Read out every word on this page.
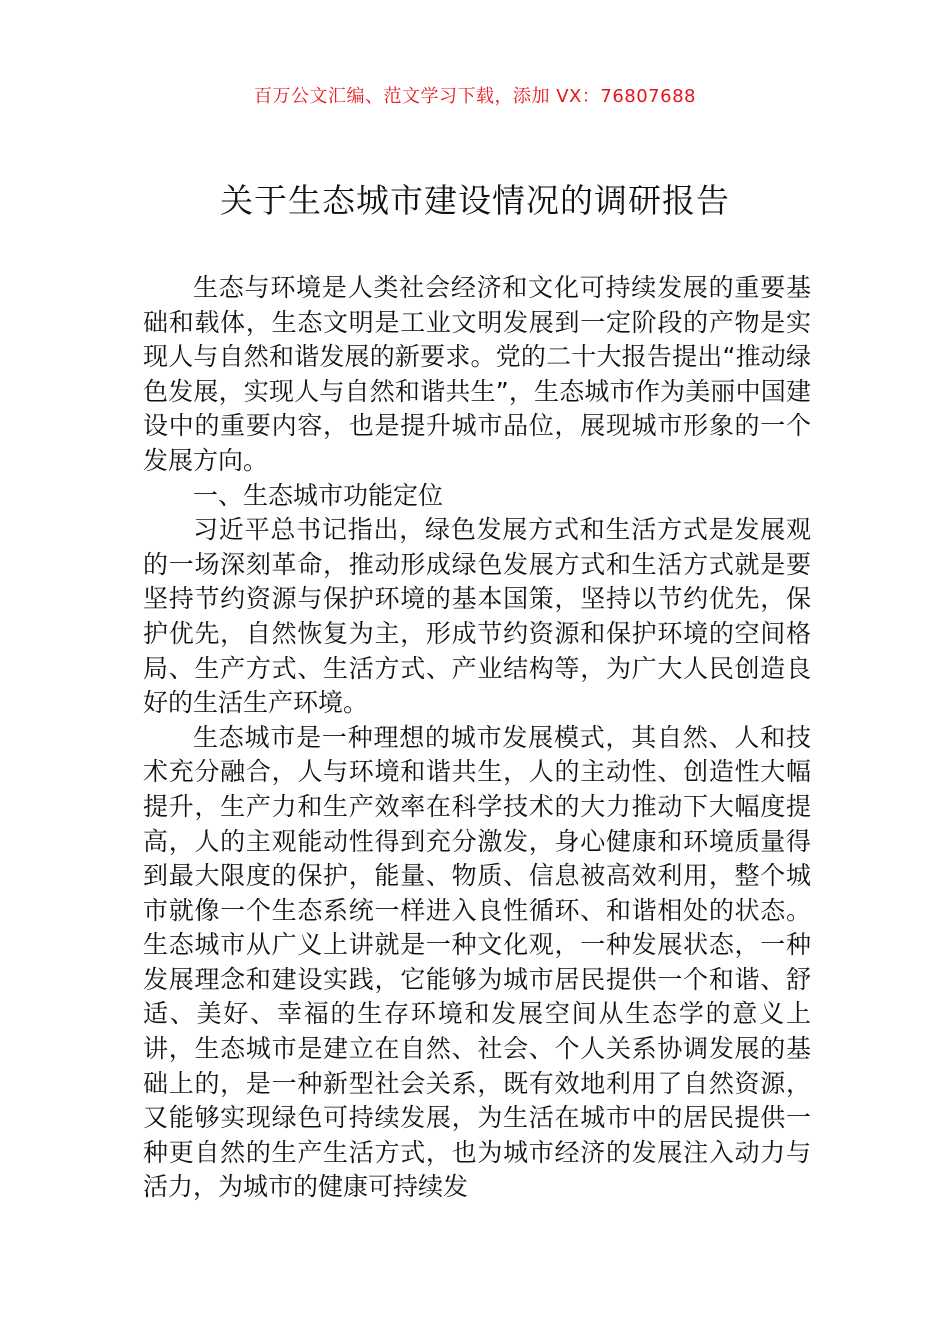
百万公文汇编、范文学习下载，添加 VX：76807688
关于生态城市建设情况的调研报告

生态与环境是人类社会经济和文化可持续发展的重要基础和载体，生态文明是工业文明发展到一定阶段的产物是实现人与自然和谐发展的新要求。党的二十大报告提出“推动绿色发展，实现人与自然和谐共生”，生态城市作为美丽中国建设中的重要内容，也是提升城市品位，展现城市形象的一个发展方向。

一、生态城市功能定位

习近平总书记指出，绿色发展方式和生活方式是发展观的一场深刻革命，推动形成绿色发展方式和生活方式就是要坚持节约资源与保护环境的基本国策，坚持以节约优先，保护优先，自然恢复为主，形成节约资源和保护环境的空间格局、生产方式、生活方式、产业结构等，为广大人民创造良好的生活生产环境。

生态城市是一种理想的城市发展模式，其自然、人和技术充分融合，人与环境和谐共生，人的主动性、创造性大幅提升，生产力和生产效率在科学技术的大力推动下大幅度提高，人的主观能动性得到充分激发，身心健康和环境质量得到最大限度的保护，能量、物质、信息被高效利用，整个城市就像一个生态系统一样进入良性循环、和谐相处的状态。生态城市从广义上讲就是一种文化观，一种发展状态，一种发展理念和建设实践，它能够为城市居民提供一个和谐、舒适、美好、幸福的生存环境和发展空间从生态学的意义上讲，生态城市是建立在自然、社会、个人关系协调发展的基础上的，是一种新型社会关系，既有效地利用了自然资源，又能够实现绿色可持续发展，为生活在城市中的居民提供一种更自然的生产生活方式，也为城市经济的发展注入动力与活力，为城市的健康可持续发
